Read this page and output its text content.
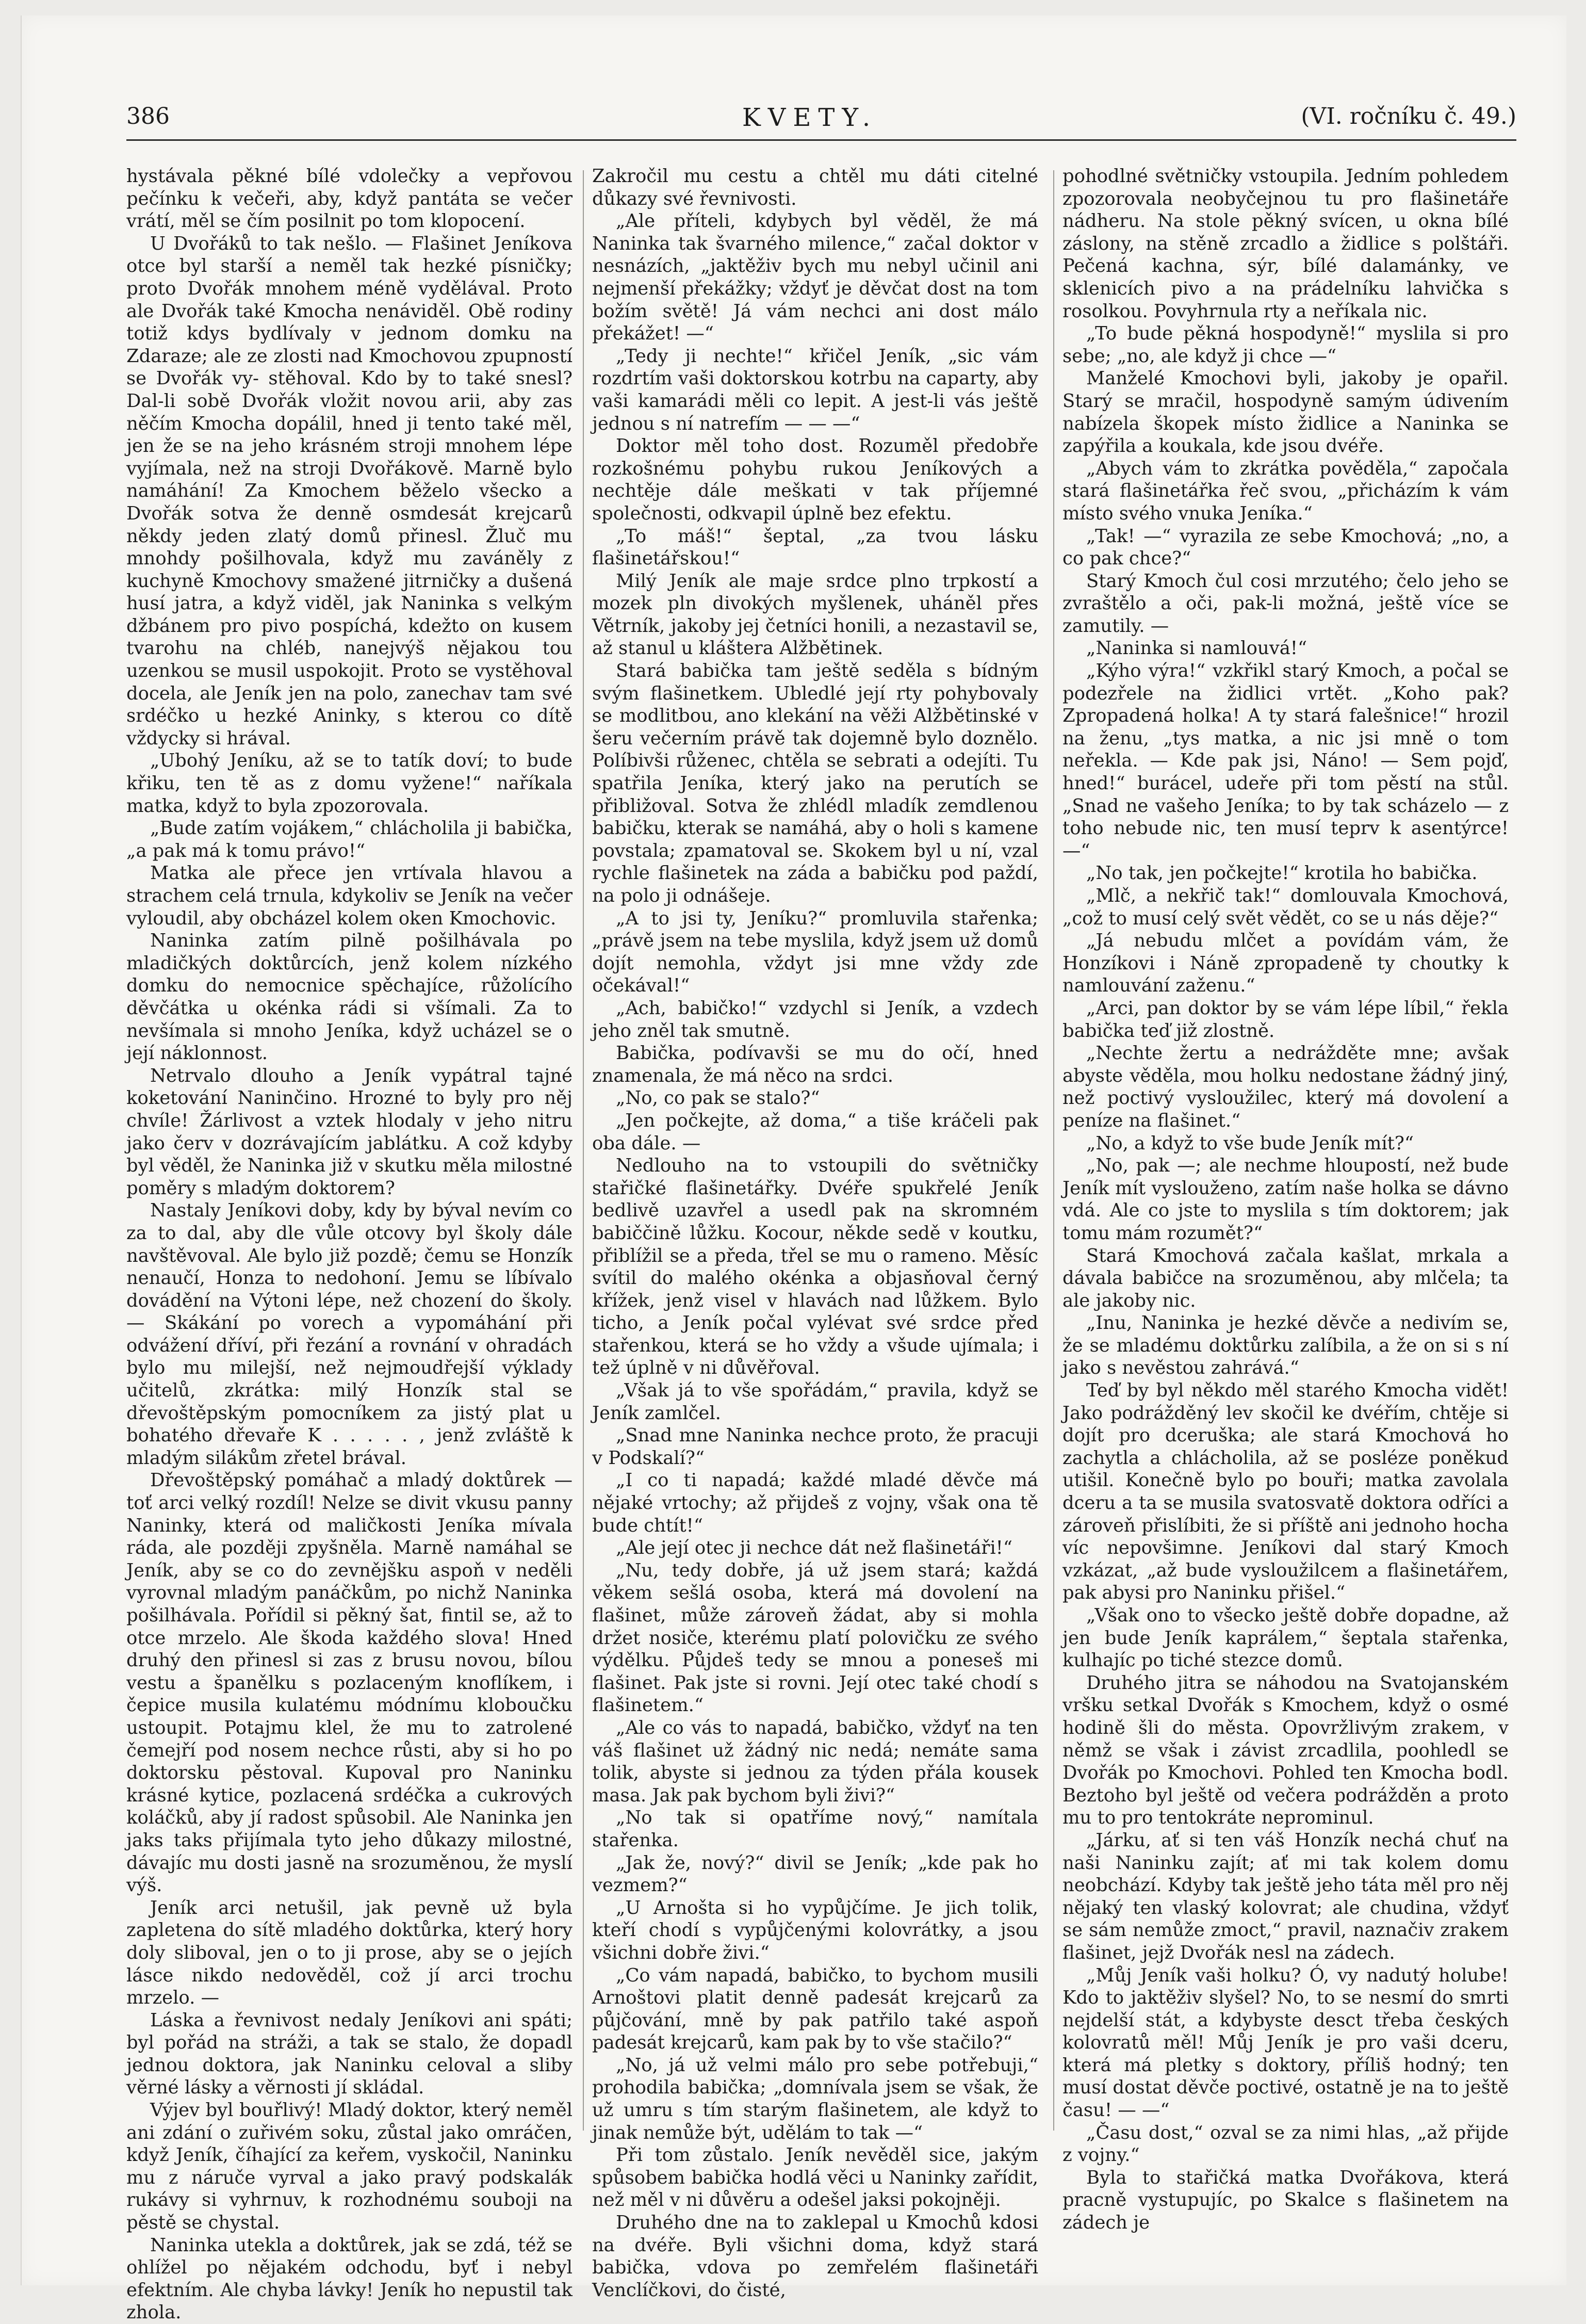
386	KVETY.	(VI. ročníku č. 49.)

hystávala pěkné bílé vdolečky a vepřovou pečínku k večeři, aby, když pantáta se večer vrátí, měl se čím posilnit po tom klopocení.

U Dvořáků to tak nešlo. — Flašinet Jeníkova otce byl starší a neměl tak hezké písničky; proto Dvořák mnohem méně vydělával. Proto ale Dvořák také Kmocha nenáviděl. Obě rodiny totiž kdys bydlívaly v jednom domku na Zdaraze; ale ze zlosti nad Kmochovou zpupností se Dvořák vy- stěhoval. Kdo by to také snesl? Dal-li sobě Dvořák vložit novou arii, aby zas něčím Kmocha dopálil, hned ji tento také měl, jen že se na jeho krásném stroji mnohem lépe vyjímala, než na stroji Dvořákově. Marně bylo namáhání! Za Kmochem běželo všecko a Dvořák sotva že denně osmdesát krejcarů někdy jeden zlatý domů přinesl. Žluč mu mnohdy pošilhovala, když mu zaváněly z kuchyně Kmochovy smažené jitrničky a dušená husí jatra, a když viděl, jak Naninka s velkým džbánem pro pivo pospíchá, kdežto on kusem tvarohu na chléb, nanejvýš nějakou tou uzenkou se musil uspokojit. Proto se vystěhoval docela, ale Jeník jen na polo, zanechav tam své srdéčko u hezké Aninky, s kterou co dítě vždycky si hrával.

„Ubohý Jeníku, až se to tatík doví; to bude křiku, ten tě as z domu vyžene!“ naříkala matka, když to byla zpozorovala.

„Bude zatím vojákem,“ chlácholila ji babička, „a pak má k tomu právo!“

Matka ale přece jen vrtívala hlavou a strachem celá trnula, kdykoliv se Jeník na večer vyloudil, aby obcházel kolem oken Kmochovic.

Naninka zatím pilně pošilhávala po mladičkých doktůrcích, jenž kolem nízkého domku do nemocnice spěchajíce, růžolícího děvčátka u okénka rádi si všímali. Za to nevšímala si mnoho Jeníka, když ucházel se o její náklonnost.

Netrvalo dlouho a Jeník vypátral tajné koketování Naninčino. Hrozné to byly pro něj chvíle! Žárlivost a vztek hlodaly v jeho nitru jako červ v dozrávajícím jablátku. A což kdyby byl věděl, že Naninka již v skutku měla milostné poměry s mladým doktorem?

Nastaly Jeníkovi doby, kdy by býval nevím co za to dal, aby dle vůle otcovy byl školy dále navštěvoval. Ale bylo již pozdě; čemu se Honzík nenaučí, Honza to nedohoní. Jemu se líbívalo dovádění na Výtoni lépe, než chození do školy. — Skákání po vorech a vypomáhání při odvážení dříví, při řezání a rovnání v ohradách bylo mu milejší, než nejmoudřejší výklady učitelů, zkrátka: milý Honzík stal se dřevoštěpským pomocníkem za jistý plat u bohatého dřevaře K . . . . . , jenž zvláště k mladým silákům zřetel brával.

Dřevoštěpský pomáhač a mladý doktůrek — toť arci velký rozdíl! Nelze se divit vkusu panny Naninky, která od maličkosti Jeníka mívala ráda, ale později zpyšněla. Marně namáhal se Jeník, aby se co do zevnějšku aspoň v neděli vyrovnal mladým panáčkům, po nichž Naninka pošilhávala. Pořídil si pěkný šat, fintil se, až to otce mrzelo. Ale škoda každého slova! Hned druhý den přinesl si zas z brusu novou, bílou vestu a španělku s pozlaceným knoflíkem, i čepice musila kulatému módnímu kloboučku ustoupit. Potajmu klel, že mu to zatrolené čemejří pod nosem nechce růsti, aby si ho po doktorsku pěstoval. Kupoval pro Naninku krásné kytice, pozlacená srdéčka a cukrových koláčků, aby jí radost spůsobil. Ale Naninka jen jaks taks přijímala tyto jeho důkazy milostné, dávajíc mu dosti jasně na srozuměnou, že myslí výš.

Jeník arci netušil, jak pevně už byla zapletena do sítě mladého doktůrka, který hory doly sliboval, jen o to ji prose, aby se o jejích lásce nikdo nedověděl, což jí arci trochu mrzelo. —

Láska a řevnivost nedaly Jeníkovi ani spáti; byl pořád na stráži, a tak se stalo, že dopadl jednou doktora, jak Naninku celoval a sliby věrné lásky a věrnosti jí skládal.

Výjev byl bouřlivý! Mladý doktor, který neměl ani zdání o zuřivém soku, zůstal jako omráčen, když Jeník, číhající za keřem, vyskočil, Naninku mu z náruče vyrval a jako pravý podskalák rukávy si vyhrnuv, k rozhodnému souboji na pěstě se chystal.

Naninka utekla a doktůrek, jak se zdá, též se ohlížel po nějakém odchodu, byť i nebyl efektním. Ale chyba lávky! Jeník ho nepustil tak zhola.

Zakročil mu cestu a chtěl mu dáti citelné důkazy své řevnivosti.

„Ale příteli, kdybych byl věděl, že má Naninka tak švarného milence,“ začal doktor v nesnázích, „jaktěživ bych mu nebyl učinil ani nejmenší překážky; vždyť je děvčat dost na tom božím světě! Já vám nechci ani dost málo překážet! —“

„Tedy ji nechte!“ křičel Jeník, „sic vám rozdrtím vaši doktorskou kotrbu na caparty, aby vaši kamarádi měli co lepit. A jest-li vás ještě jednou s ní natrefím — — —“

Doktor měl toho dost. Rozuměl předobře rozkošnému pohybu rukou Jeníkových a nechtěje dále meškati v tak příjemné společnosti, odkvapil úplně bez efektu.

„To máš!“ šeptal, „za tvou lásku flašinetářskou!“

Milý Jeník ale maje srdce plno trpkostí a mozek pln divokých myšlenek, uháněl přes Větrník, jakoby jej četníci honili, a nezastavil se, až stanul u kláštera Alžbětinek.

Stará babička tam ještě seděla s bídným svým flašinetkem. Ubledlé její rty pohybovaly se modlitbou, ano klekání na věži Alžbětinské v šeru večerním právě tak dojemně bylo doznělo. Políbivši růženec, chtěla se sebrati a odejíti. Tu spatřila Jeníka, který jako na perutích se přibližoval. Sotva že zhlédl mladík zemdlenou babičku, kterak se namáhá, aby o holi s kamene povstala; zpamatoval se. Skokem byl u ní, vzal rychle flašinetek na záda a babičku pod paždí, na polo ji odnášeje.

„A to jsi ty, Jeníku?“ promluvila stařenka; „právě jsem na tebe myslila, když jsem už domů dojít nemohla, vždyt jsi mne vždy zde očekával!“

„Ach, babičko!“ vzdychl si Jeník, a vzdech jeho zněl tak smutně.

Babička, podívavši se mu do očí, hned znamenala, že má něco na srdci.

„No, co pak se stalo?“

„Jen počkejte, až doma,“ a tiše kráčeli pak oba dále. —

Nedlouho na to vstoupili do světničky stařičké flašinetářky. Dvéře spukřelé Jeník bedlivě uzavřel a usedl pak na skromném babiččině lůžku. Kocour, někde sedě v koutku, přiblížil se a předa, třel se mu o rameno. Měsíc svítil do malého okénka a objasňoval černý křížek, jenž visel v hlavách nad lůžkem. Bylo ticho, a Jeník počal vylévat své srdce před stařenkou, která se ho vždy a všude ujímala; i tež úplně v ni důvěřoval.

„Však já to vše spořádám,“ pravila, když se Jeník zamlčel.

„Snad mne Naninka nechce proto, že pracuji v Podskalí?“

„I co ti napadá; každé mladé děvče má nějaké vrtochy; až přijdeš z vojny, však ona tě bude chtít!“

„Ale její otec ji nechce dát než flašinetáři!“

„Nu, tedy dobře, já už jsem stará; každá věkem sešlá osoba, která má dovolení na flašinet, může zároveň žádat, aby si mohla držet nosiče, kterému platí polovičku ze svého výdělku. Půjdeš tedy se mnou a poneseš mi flašinet. Pak jste si rovni. Její otec také chodí s flašinetem.“

„Ale co vás to napadá, babičko, vždyť na ten váš flašinet už žádný nic nedá; nemáte sama tolik, abyste si jednou za týden přála kousek masa. Jak pak bychom byli živi?“

„No tak si opatříme nový,“ namítala stařenka.

„Jak že, nový?“ divil se Jeník; „kde pak ho vezmem?“

„U Arnošta si ho vypůjčíme. Je jich tolik, kteří chodí s vypůjčenými kolovrátky, a jsou všichni dobře živi.“

„Co vám napadá, babičko, to bychom musili Arnoštovi platit denně padesát krejcarů za půjčování, mně by pak patřilo také aspoň padesát krejcarů, kam pak by to vše stačilo?“

„No, já už velmi málo pro sebe potřebuji,“ prohodila babička; „domnívala jsem se však, že už umru s tím starým flašinetem, ale když to jinak nemůže být, udělám to tak —“

Při tom zůstalo. Jeník nevěděl sice, jakým spůsobem babička hodlá věci u Naninky zařídit, než měl v ni důvěru a odešel jaksi pokojněji.

Druhého dne na to zaklepal u Kmochů kdosi na dvéře. Byli všichni doma, když stará babička, vdova po zemřelém flašinetáři Venclíčkovi, do čisté,

pohodlné světničky vstoupila. Jedním pohledem zpozorovala neobyčejnou tu pro flašinetáře nádheru. Na stole pěkný svícen, u okna bílé záslony, na stěně zrcadlo a židlice s polštáři. Pečená kachna, sýr, bílé dalamánky, ve sklenicích pivo a na prádelníku lahvička s rosolkou. Povyhrnula rty a neříkala nic.

„To bude pěkná hospodyně!“ myslila si pro sebe; „no, ale když ji chce —“

Manželé Kmochovi byli, jakoby je opařil. Starý se mračil, hospodyně samým údivením nabízela škopek místo židlice a Naninka se zapýřila a koukala, kde jsou dvéře.

„Abych vám to zkrátka pověděla,“ započala stará flašinetářka řeč svou, „přicházím k vám místo svého vnuka Jeníka.“

„Tak! —“ vyrazila ze sebe Kmochová; „no, a co pak chce?“

Starý Kmoch čul cosi mrzutého; čelo jeho se zvraštělo a oči, pak-li možná, ještě více se zamutily. —

„Naninka si namlouvá!“

„Kýho výra!“ vzkřikl starý Kmoch, a počal se podezřele na židlici vrtět. „Koho pak? Zpropadená holka! A ty stará falešnice!“ hrozil na ženu, „tys matka, a nic jsi mně o tom neřekla. — Kde pak jsi, Náno! — Sem pojď, hned!“ burácel, udeře při tom pěstí na stůl. „Snad ne vašeho Jeníka; to by tak scházelo — z toho nebude nic, ten musí teprv k asentýrce! —“

„No tak, jen počkejte!“ krotila ho babička.

„Mlč, a nekřič tak!“ domlouvala Kmochová, „což to musí celý svět vědět, co se u nás děje?“

„Já nebudu mlčet a povídám vám, že Honzíkovi i Náně zpropadeně ty choutky k namlouvání zaženu.“

„Arci, pan doktor by se vám lépe líbil,“ řekla babička teď již zlostně.

„Nechte žertu a nedrážděte mne; avšak abyste věděla, mou holku nedostane žádný jiný, než poctivý vysloužilec, který má dovolení a peníze na flašinet.“

„No, a když to vše bude Jeník mít?“

„No, pak —; ale nechme hloupostí, než bude Jeník mít vyslouženo, zatím naše holka se dávno vdá. Ale co jste to myslila s tím doktorem; jak tomu mám rozumět?“

Stará Kmochová začala kašlat, mrkala a dávala babičce na srozuměnou, aby mlčela; ta ale jakoby nic.

„Inu, Naninka je hezké děvče a nedivím se, že se mladému doktůrku zalíbila, a že on si s ní jako s nevěstou zahrává.“

Teď by byl někdo měl starého Kmocha vidět! Jako podrážděný lev skočil ke dvéřím, chtěje si dojít pro dceruška; ale stará Kmochová ho zachytla a chlácholila, až se posléze poněkud utišil. Konečně bylo po bouři; matka zavolala dceru a ta se musila svatosvatě doktora odříci a zároveň přislíbiti, že si příště ani jednoho hocha víc nepovšimne. Jeníkovi dal starý Kmoch vzkázat, „až bude vysloužilcem a flašinetářem, pak abysi pro Naninku přišel.“

„Však ono to všecko ještě dobře dopadne, až jen bude Jeník kaprálem,“ šeptala stařenka, kulhajíc po tiché stezce domů.

Druhého jitra se náhodou na Svatojanském vršku setkal Dvořák s Kmochem, když o osmé hodině šli do města. Opovržlivým zrakem, v němž se však i závist zrcadlila, poohledl se Dvořák po Kmochovi. Pohled ten Kmocha bodl. Beztoho byl ještě od večera podrážděn a proto mu to pro tentokráte neprominul.

„Járku, ať si ten váš Honzík nechá chuť na naši Naninku zajít; ať mi tak kolem domu neobchází. Kdyby tak ještě jeho táta měl pro něj nějaký ten vlaský kolovrat; ale chudina, vždyť se sám nemůže zmoct,“ pravil, naznačiv zrakem flašinet, jejž Dvořák nesl na zádech.

„Můj Jeník vaši holku? Ó, vy nadutý holube! Kdo to jaktěživ slyšel? No, to se nesmí do smrti nejdelší stát, a kdybyste desct třeba českých kolovratů měl! Můj Jeník je pro vaši dceru, která má pletky s doktory, příliš hodný; ten musí dostat děvče poctivé, ostatně je na to ještě času! — —“

„Času dost,“ ozval se za nimi hlas, „až přijde z vojny.“

Byla to stařičká matka Dvořákova, která pracně vystupujíc, po Skalce s flašinetem na zádech je
